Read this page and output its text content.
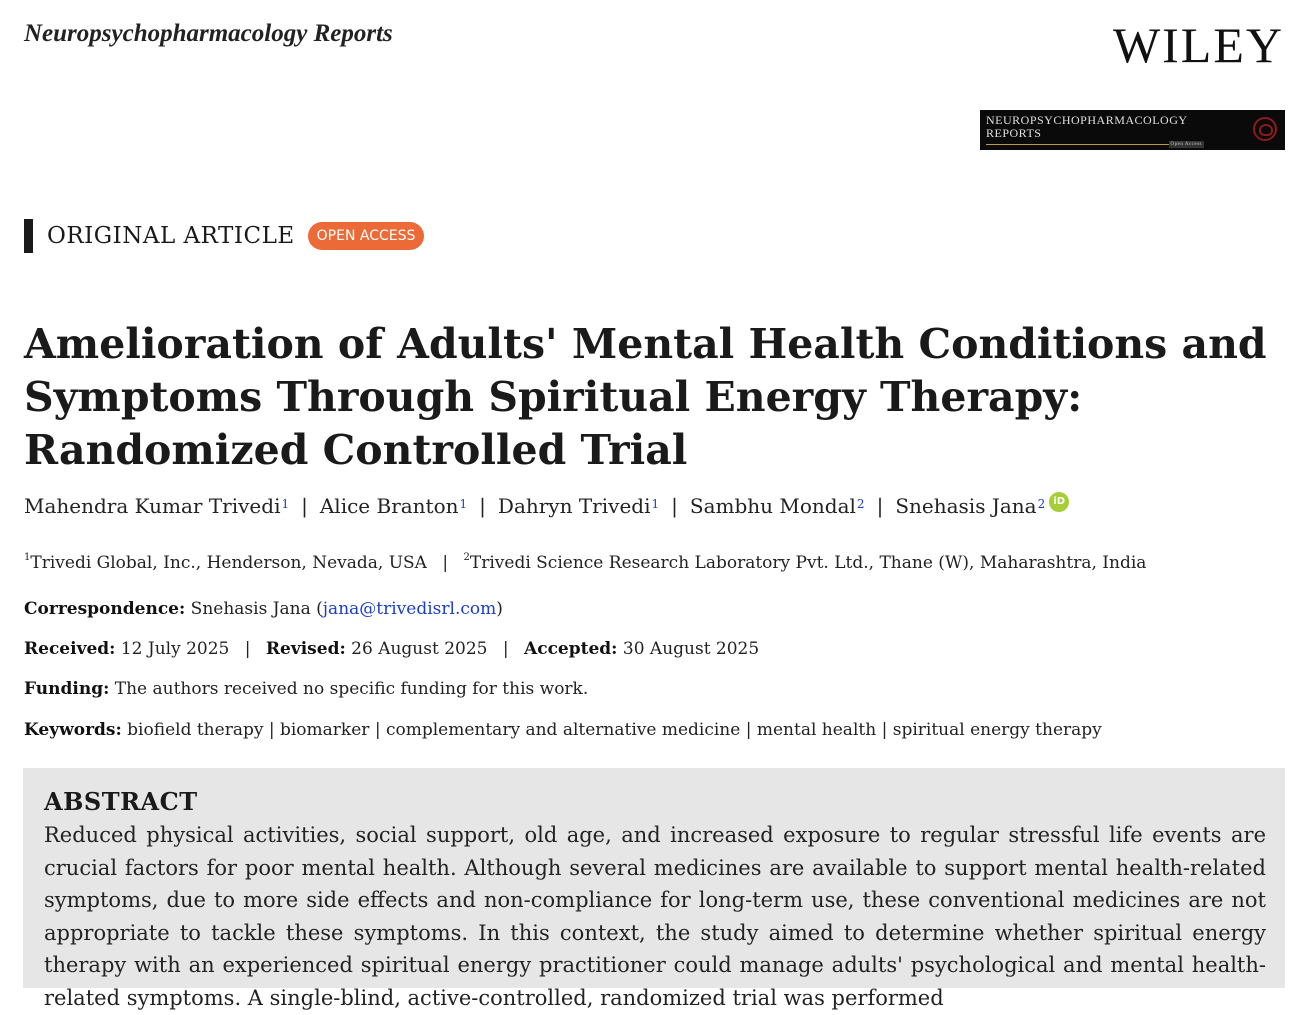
Neuropsychopharmacology Reports	WILEY
NEUROPSYCHOPHARMACOLOGY
REPORTS
Open Access
ORIGINAL ARTICLE	OPEN ACCESS
Amelioration of Adults' Mental Health Conditions and Symptoms Through Spiritual Energy Therapy: Randomized Controlled Trial
Mahendra Kumar Trivedi$^1$ | Alice Branton$^1$ | Dahryn Trivedi$^1$ | Sambhu Mondal$^2$ | Snehasis Jana$^2$ iD
$^1$Trivedi Global, Inc., Henderson, Nevada, USA | $^2$Trivedi Science Research Laboratory Pvt. Ltd., Thane (W), Maharashtra, India
Correspondence: Snehasis Jana (jana@trivedisrl.com)
Received: 12 July 2025 | Revised: 26 August 2025 | Accepted: 30 August 2025
Funding: The authors received no specific funding for this work.
Keywords: biofield therapy | biomarker | complementary and alternative medicine | mental health | spiritual energy therapy
ABSTRACT

Reduced physical activities, social support, old age, and increased exposure to regular stressful life events are crucial factors for poor mental health. Although several medicines are available to support mental health-related symptoms, due to more side effects and non-compliance for long-term use, these conventional medicines are not appropriate to tackle these symptoms. In this context, the study aimed to determine whether spiritual energy therapy with an experienced spiritual energy practitioner could manage adults' psychological and mental health-related symptoms. A single-blind, active-controlled, randomized trial was performed
